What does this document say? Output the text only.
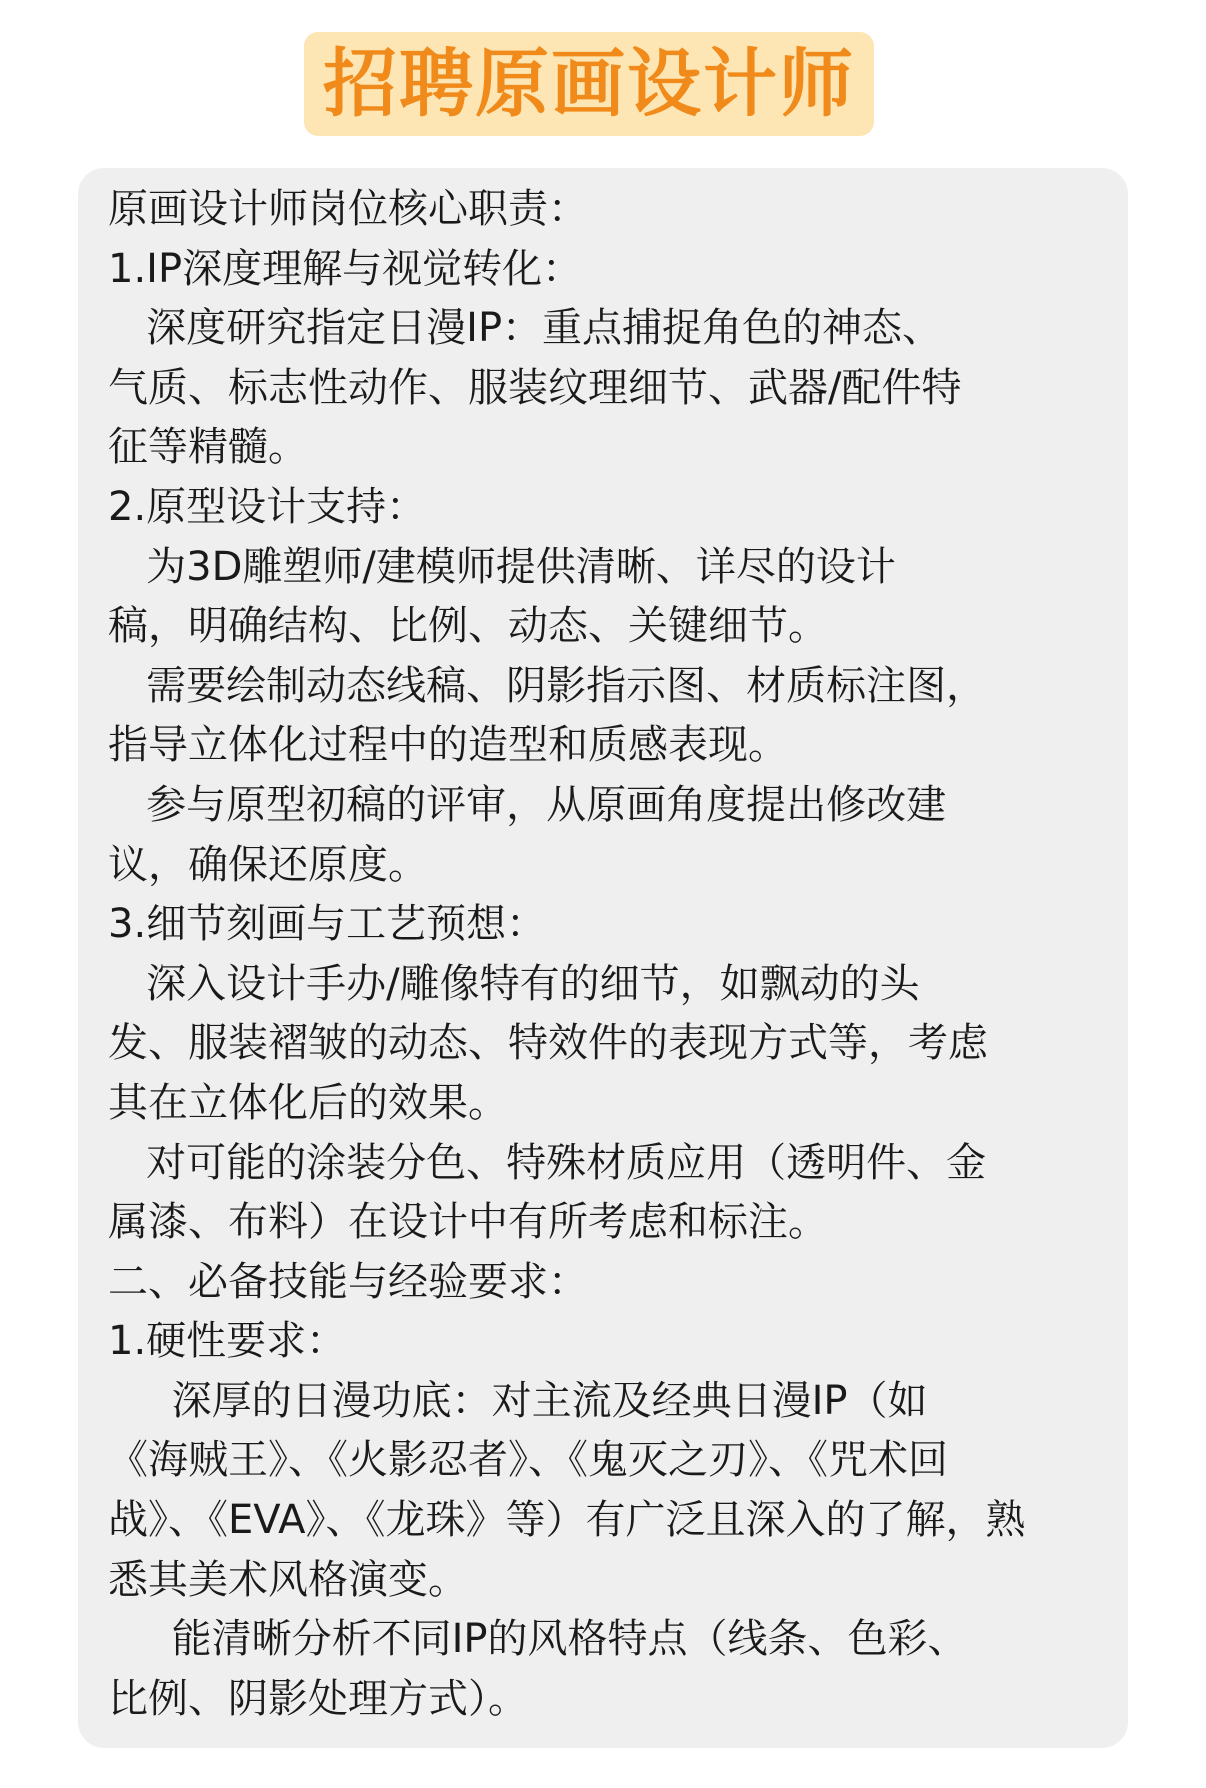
招聘原画设计师
原画设计师岗位核心职责：
1.IP深度理解与视觉转化：
深度研究指定日漫IP：重点捕捉角色的神态、
气质、标志性动作、服装纹理细节、武器/配件特
征等精髓。
2.原型设计支持：
为3D雕塑师/建模师提供清晰、详尽的设计
稿，明确结构、比例、动态、关键细节。
需要绘制动态线稿、阴影指示图、材质标注图，
指导立体化过程中的造型和质感表现。
参与原型初稿的评审，从原画角度提出修改建
议，确保还原度。
3.细节刻画与工艺预想：
深入设计手办/雕像特有的细节，如飘动的头
发、服装褶皱的动态、特效件的表现方式等，考虑
其在立体化后的效果。
对可能的涂装分色、特殊材质应用（透明件、金
属漆、布料）在设计中有所考虑和标注。
二、必备技能与经验要求：
1.硬性要求：
深厚的日漫功底：对主流及经典日漫IP（如
《海贼王》、《火影忍者》、《鬼灭之刃》、《咒术回
战》、《EVA》、《龙珠》等）有广泛且深入的了解，熟
悉其美术风格演变。
能清晰分析不同IP的风格特点（线条、色彩、
比例、阴影处理方式）。
